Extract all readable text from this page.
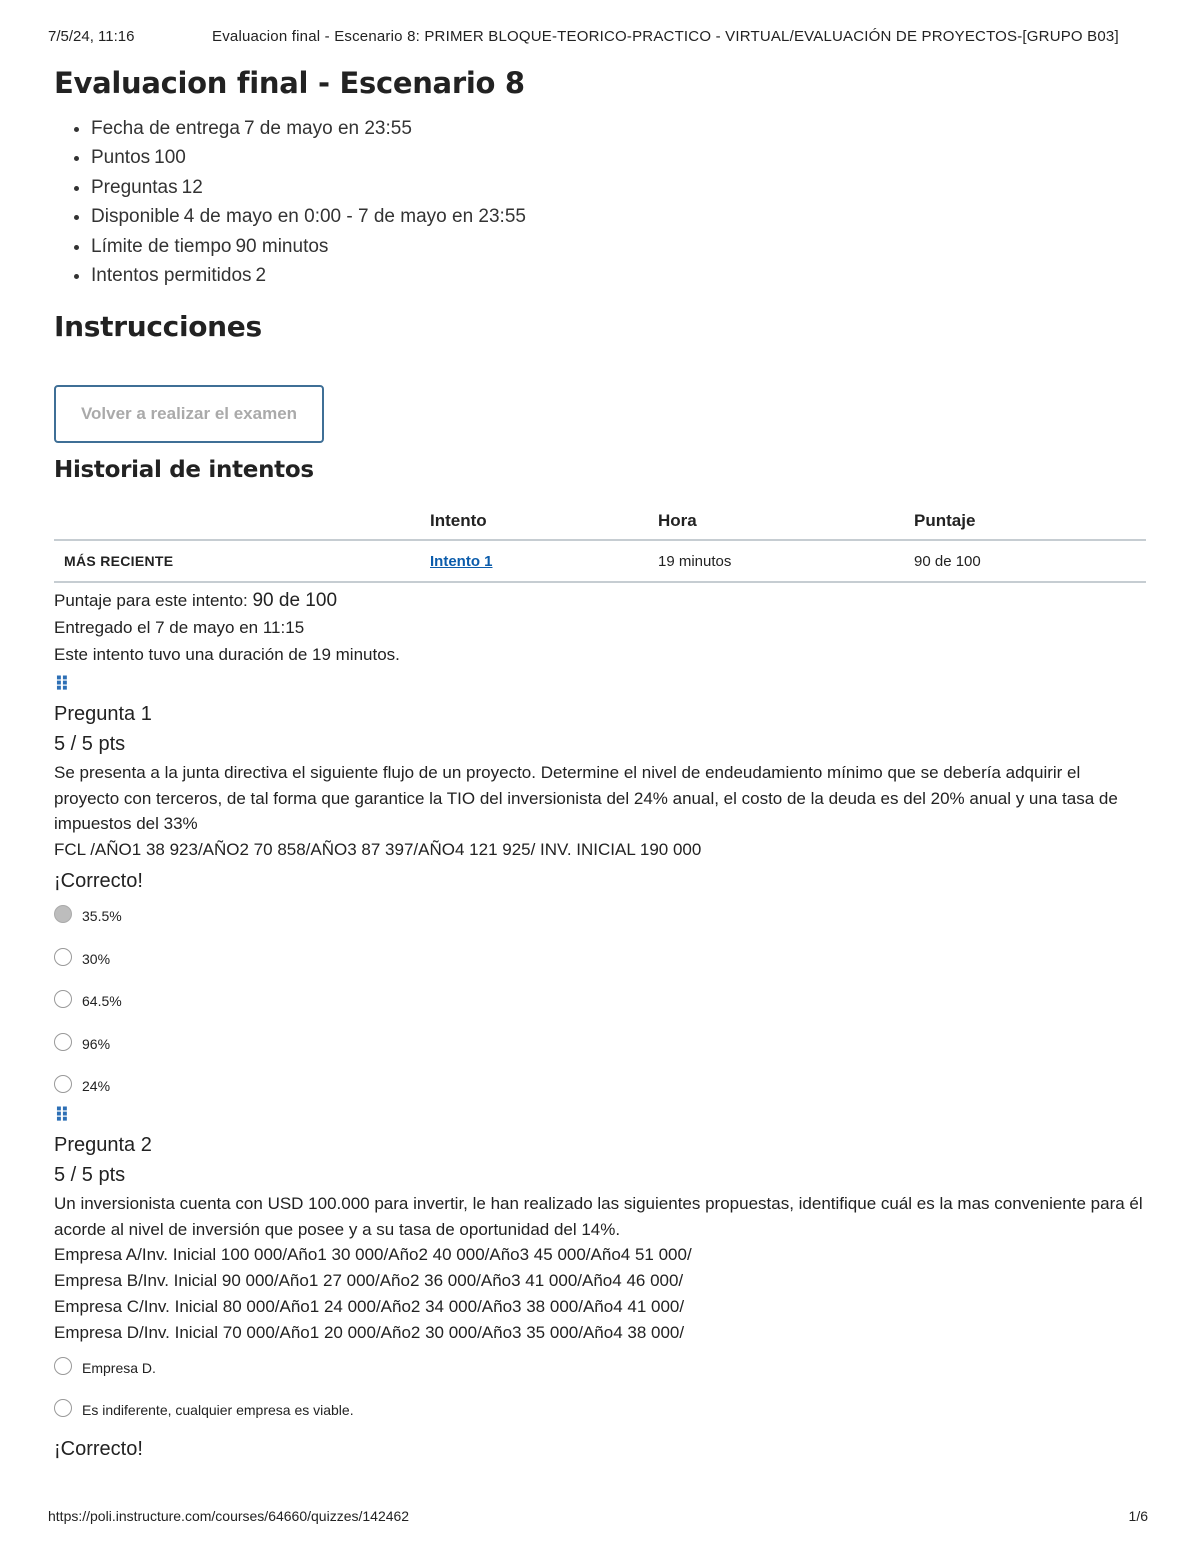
7/5/24, 11:16	Evaluacion final - Escenario 8: PRIMER BLOQUE-TEORICO-PRACTICO - VIRTUAL/EVALUACIÓN DE PROYECTOS-[GRUPO B03]
Evaluacion final - Escenario 8
• Fecha de entrega 7 de mayo en 23:55
• Puntos 100
• Preguntas 12
• Disponible 4 de mayo en 0:00 - 7 de mayo en 23:55
• Límite de tiempo 90 minutos
• Intentos permitidos 2
Instrucciones
Volver a realizar el examen
Historial de intentos
	Intento	Hora	Puntaje
MÁS RECIENTE	Intento 1	19 minutos	90 de 100
Puntaje para este intento: 90 de 100
Entregado el 7 de mayo en 11:15
Este intento tuvo una duración de 19 minutos.
⠿
Pregunta 1
5 / 5 pts
Se presenta a la junta directiva el siguiente flujo de un proyecto. Determine el nivel de endeudamiento mínimo que se debería adquirir el proyecto con terceros, de tal forma que garantice la TIO del inversionista del 24% anual, el costo de la deuda es del 20% anual y una tasa de impuestos del 33%
FCL /AÑO1 38 923/AÑO2 70 858/AÑO3 87 397/AÑO4 121 925/ INV. INICIAL 190 000
¡Correcto!
35.5%
30%
64.5%
96%
24%
⠿
Pregunta 2
5 / 5 pts
Un inversionista cuenta con USD 100.000 para invertir, le han realizado las siguientes propuestas, identifique cuál es la mas conveniente para él acorde al nivel de inversión que posee y a su tasa de oportunidad del 14%.
Empresa A/Inv. Inicial 100 000/Año1 30 000/Año2 40 000/Año3 45 000/Año4 51 000/
Empresa B/Inv. Inicial 90 000/Año1 27 000/Año2 36 000/Año3 41 000/Año4 46 000/
Empresa C/Inv. Inicial 80 000/Año1 24 000/Año2 34 000/Año3 38 000/Año4 41 000/
Empresa D/Inv. Inicial 70 000/Año1 20 000/Año2 30 000/Año3 35 000/Año4 38 000/
Empresa D.
Es indiferente, cualquier empresa es viable.
¡Correcto!
https://poli.instructure.com/courses/64660/quizzes/142462	1/6
